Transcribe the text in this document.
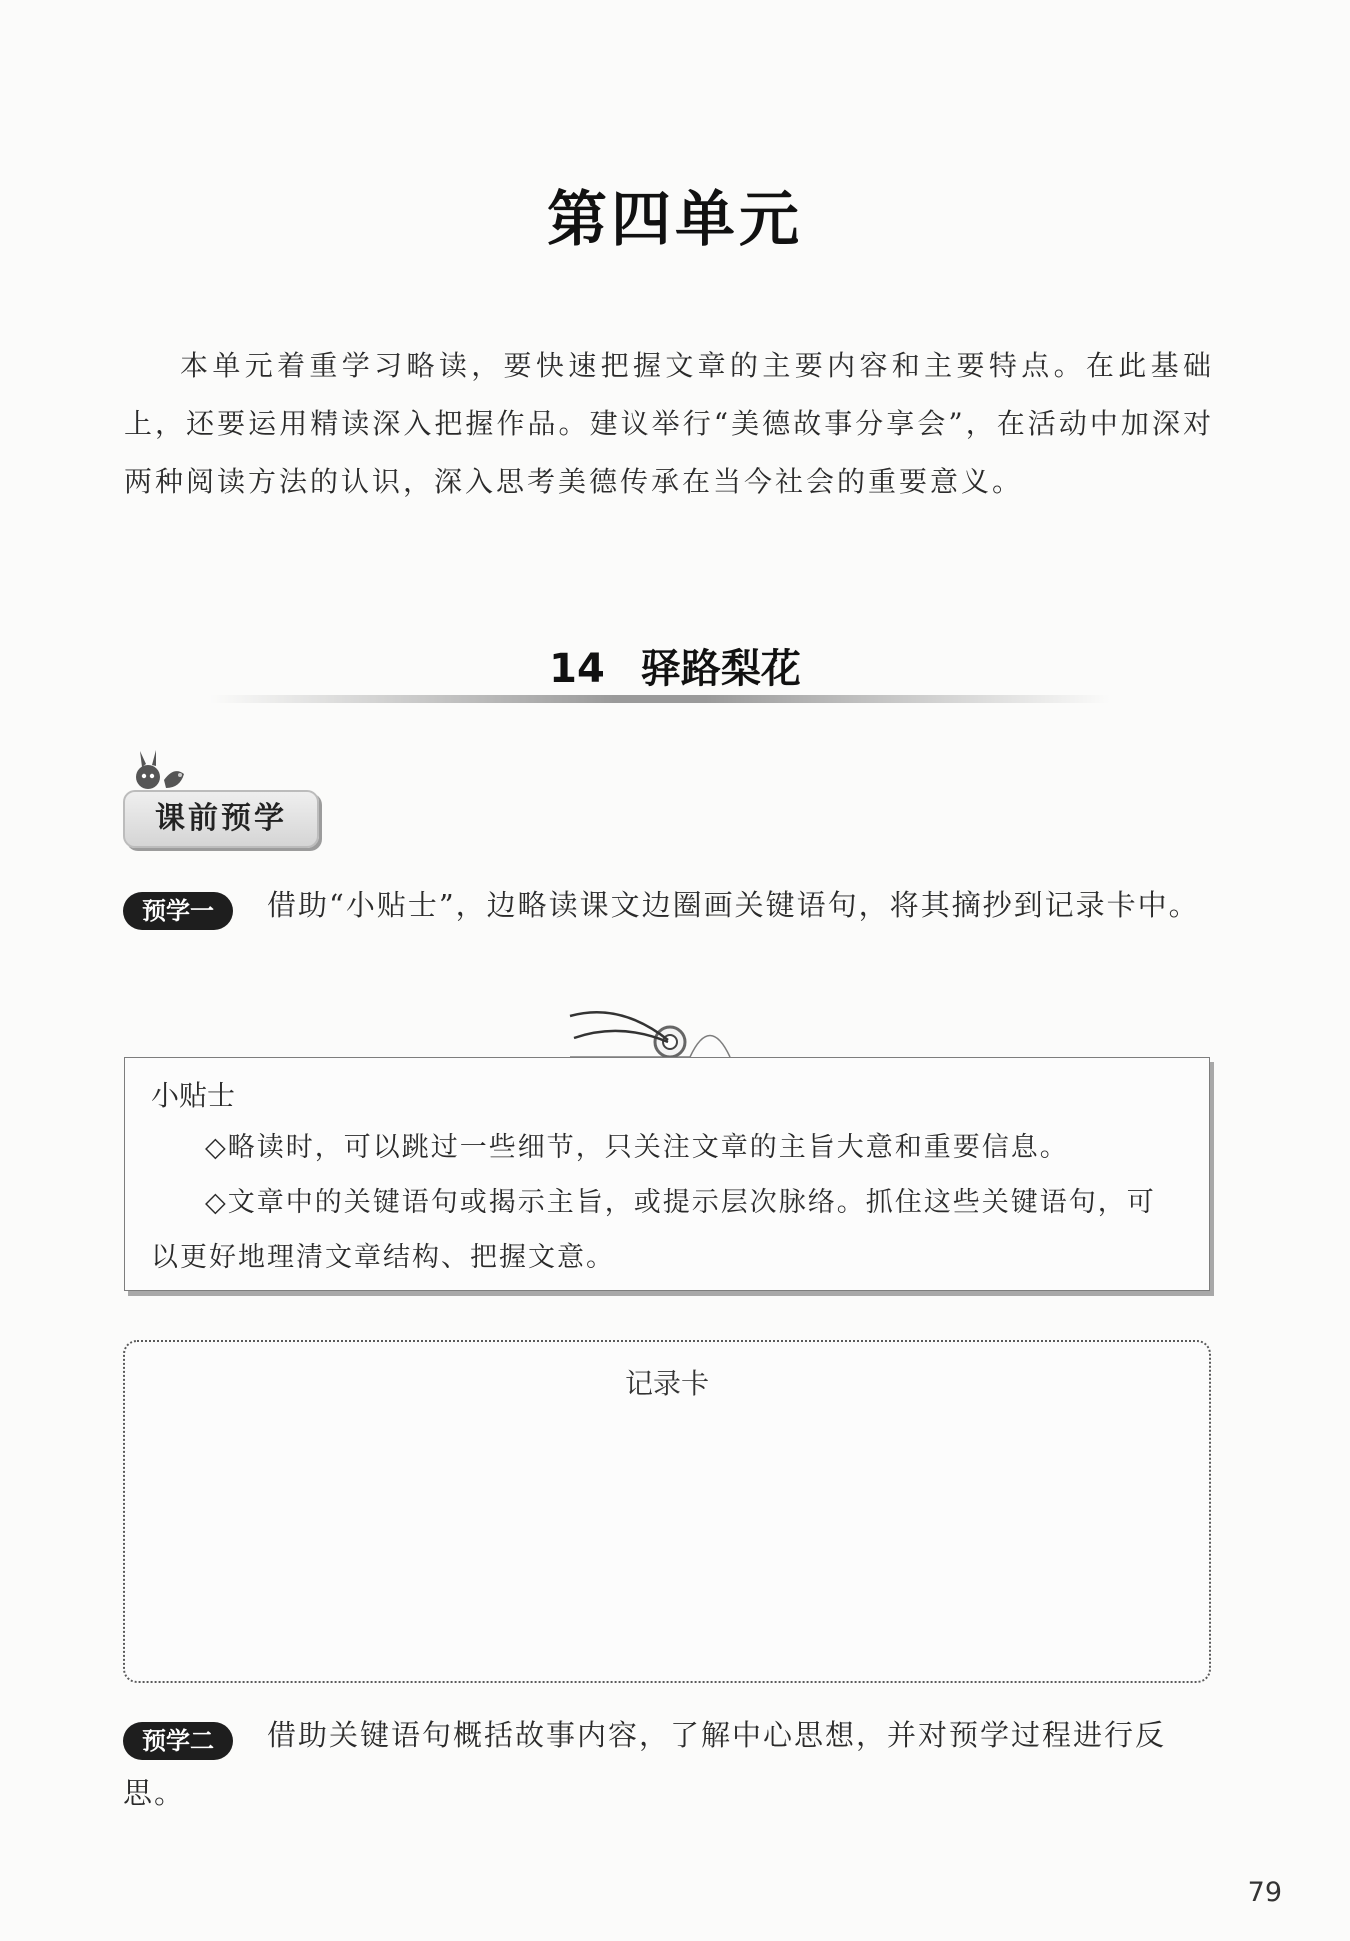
第四单元

本单元着重学习略读，要快速把握文章的主要内容和主要特点。在此基础上，还要运用精读深入把握作品。建议举行“美德故事分享会”，在活动中加深对两种阅读方法的认识，深入思考美德传承在当今社会的重要意义。

14 驿路梨花
课前预学

预学一 借助“小贴士”，边略读课文边圈画关键语句，将其摘抄到记录卡中。

小贴士

◇略读时，可以跳过一些细节，只关注文章的主旨大意和重要信息。

◇文章中的关键语句或揭示主旨，或提示层次脉络。抓住这些关键语句，可以更好地理清文章结构、把握文意。

记录卡

预学二 借助关键语句概括故事内容，了解中心思想，并对预学过程进行反思。

79
